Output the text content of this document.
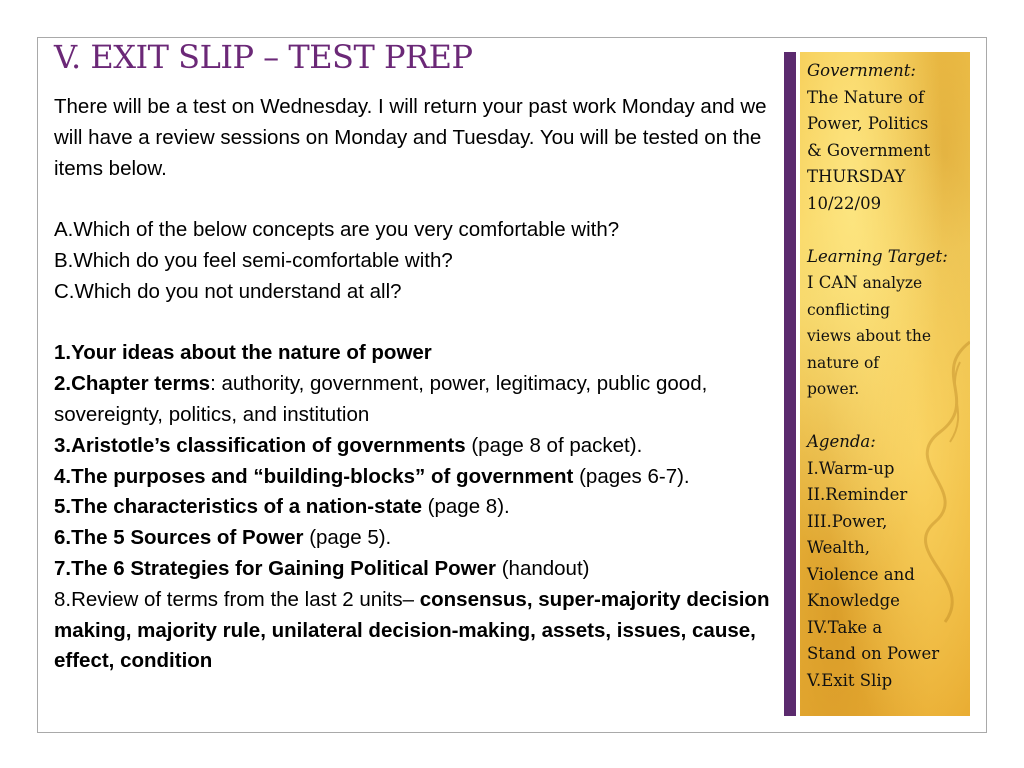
V. EXIT SLIP – TEST PREP

There will be a test on Wednesday. I will return your past work Monday and we will have a review sessions on Monday and Tuesday. You will be tested on the items below.

A.Which of the below concepts are you very comfortable with?

B.Which do you feel semi-comfortable with?

C.Which do you not understand at all?

1.Your ideas about the nature of power

2.Chapter terms: authority, government, power, legitimacy, public good, sovereignty, politics, and institution

3.Aristotle’s classification of governments (page 8 of packet).

4.The purposes and “building-blocks” of government (pages 6-7).

5.The characteristics of a nation-state (page 8).

6.The 5 Sources of Power (page 5).

7.The 6 Strategies for Gaining Political Power (handout)

8.Review of terms from the last 2 units– consensus, super-majority decision making, majority rule, unilateral decision-making, assets, issues, cause, effect, condition

Government:
The Nature of
Power, Politics
& Government
THURSDAY
10/22/09
Learning Target:
I CAN analyze
conflicting
views about the
nature of
power.
Agenda:
I.Warm-up
II.Reminder
III.Power,
Wealth,
Violence and
Knowledge
IV.Take a
Stand on Power
V.Exit Slip
